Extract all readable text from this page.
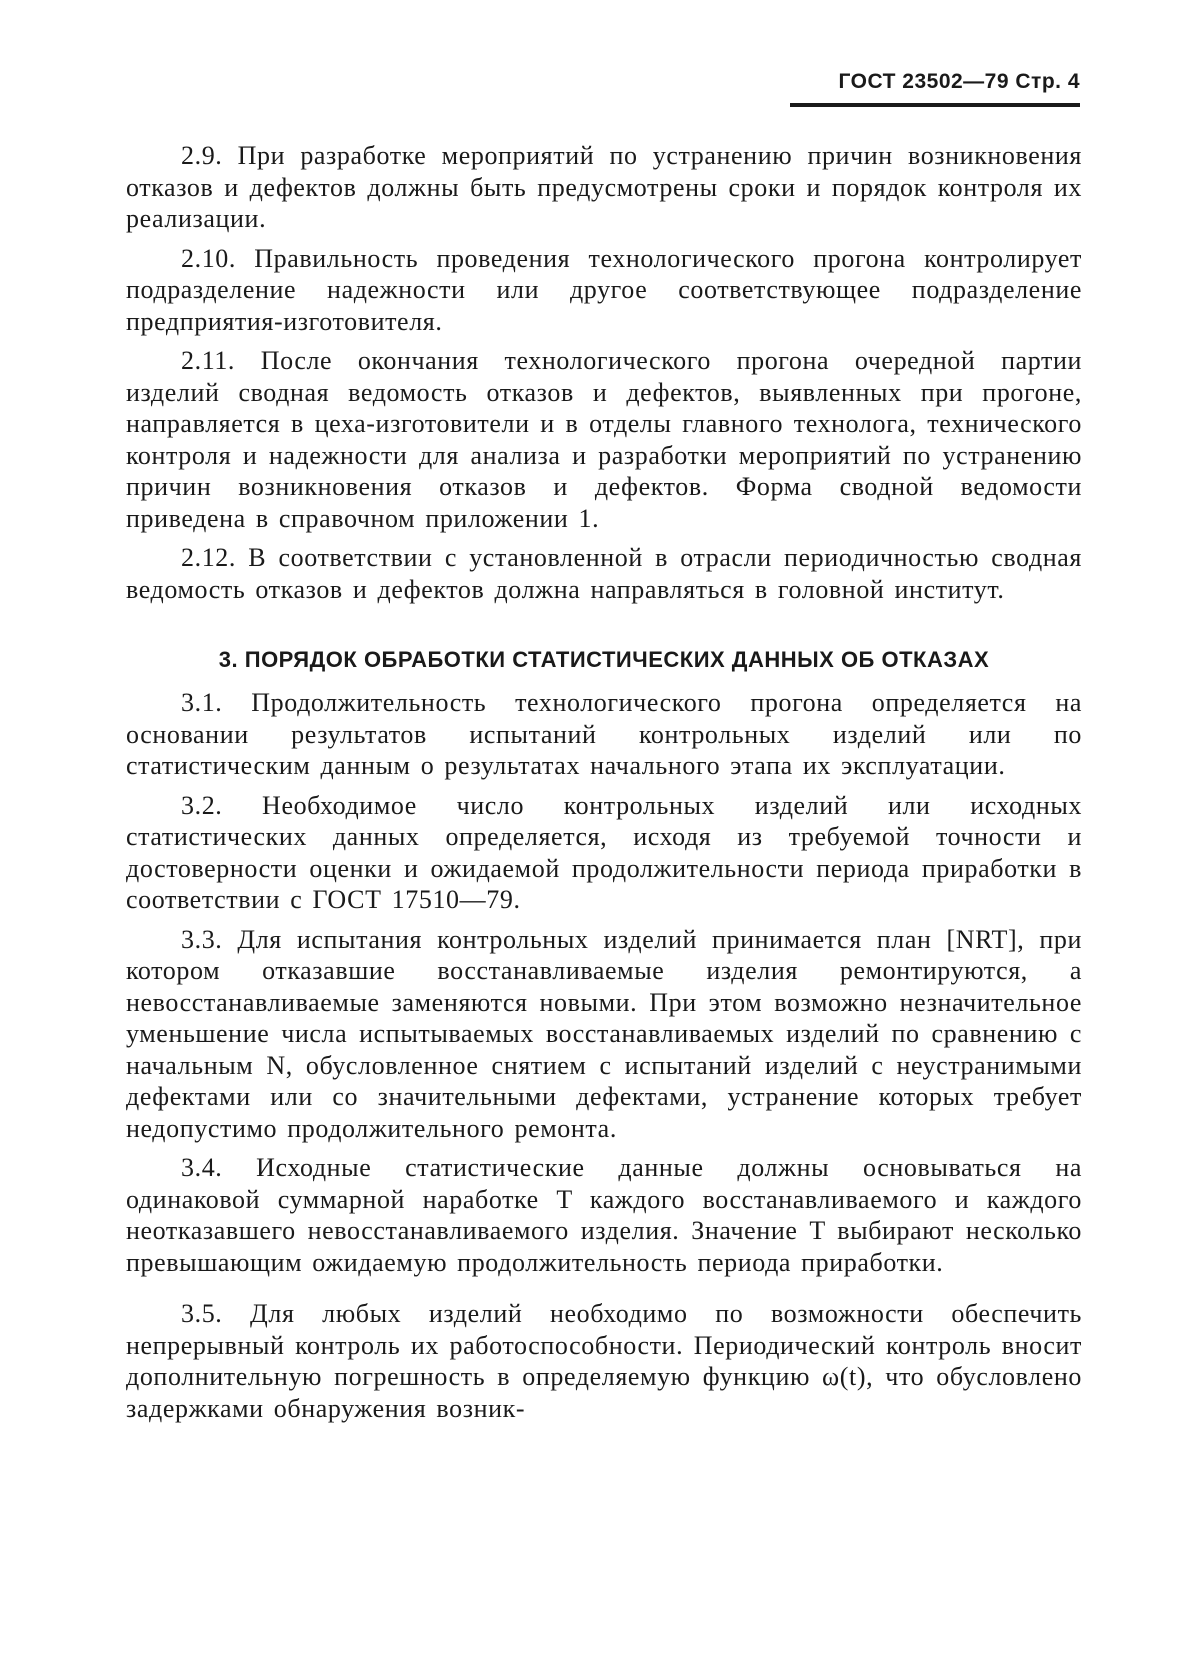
ГОСТ 23502—79 Стр. 4

2.9. При разработке мероприятий по устранению причин возникновения отказов и дефектов должны быть предусмотрены сроки и порядок контроля их реализации.

2.10. Правильность проведения технологического прогона контролирует подразделение надежности или другое соответствующее подразделение предприятия-изготовителя.

2.11. После окончания технологического прогона очередной партии изделий сводная ведомость отказов и дефектов, выявленных при прогоне, направляется в цеха-изготовители и в отделы главного технолога, технического контроля и надежности для анализа и разработки мероприятий по устранению причин возникновения отказов и дефектов. Форма сводной ведомости приведена в справочном приложении 1.

2.12. В соответствии с установленной в отрасли периодичностью сводная ведомость отказов и дефектов должна направляться в головной институт.

3. ПОРЯДОК ОБРАБОТКИ СТАТИСТИЧЕСКИХ ДАННЫХ ОБ ОТКАЗАХ

3.1. Продолжительность технологического прогона определяется на основании результатов испытаний контрольных изделий или по статистическим данным о результатах начального этапа их эксплуатации.

3.2. Необходимое число контрольных изделий или исходных статистических данных определяется, исходя из требуемой точности и достоверности оценки и ожидаемой продолжительности периода приработки в соответствии с ГОСТ 17510—79.

3.3. Для испытания контрольных изделий принимается план [NRT], при котором отказавшие восстанавливаемые изделия ремонтируются, а невосстанавливаемые заменяются новыми. При этом возможно незначительное уменьшение числа испытываемых восстанавливаемых изделий по сравнению с начальным N, обусловленное снятием с испытаний изделий с неустранимыми дефектами или со значительными дефектами, устранение которых требует недопустимо продолжительного ремонта.

3.4. Исходные статистические данные должны основываться на одинаковой суммарной наработке T каждого восстанавливаемого и каждого неотказавшего невосстанавливаемого изделия. Значение T выбирают несколько превышающим ожидаемую продолжительность периода приработки.

3.5. Для любых изделий необходимо по возможности обеспечить непрерывный контроль их работоспособности. Периодический контроль вносит дополнительную погрешность в определяемую функцию ω(t), что обусловлено задержками обнаружения возник-
